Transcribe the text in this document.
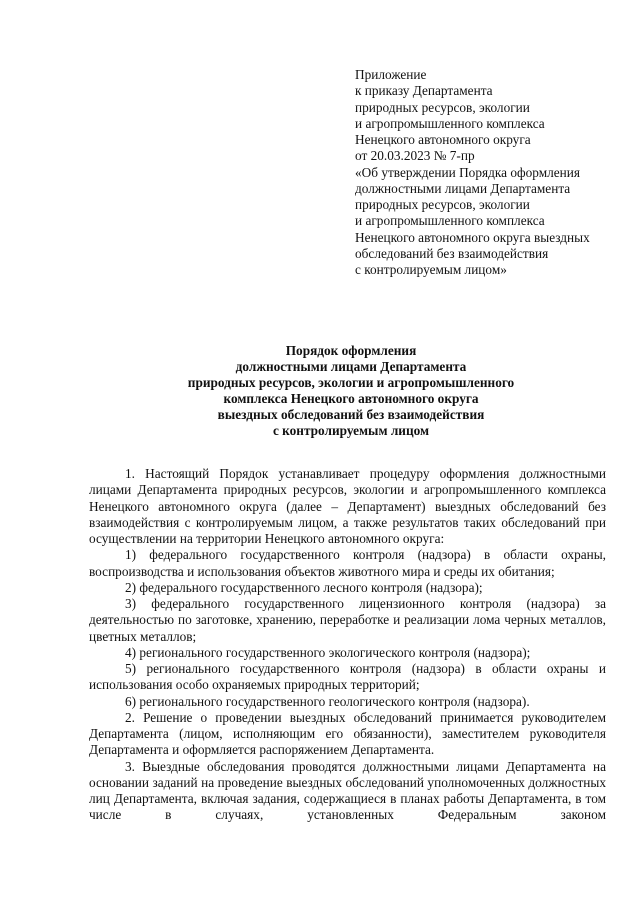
Приложение
к приказу Департамента
природных ресурсов, экологии
и агропромышленного комплекса
Ненецкого автономного округа
от 20.03.2023 № 7-пр
«Об утверждении Порядка оформления
должностными лицами Департамента
природных ресурсов, экологии
и агропромышленного комплекса
Ненецкого автономного округа выездных
обследований без взаимодействия
с контролируемым лицом»
Порядок оформления
должностными лицами Департамента
природных ресурсов, экологии и агропромышленного
комплекса Ненецкого автономного округа
выездных обследований без взаимодействия
с контролируемым лицом

1. Настоящий Порядок устанавливает процедуру оформления должностными лицами Департамента природных ресурсов, экологии и агропромышленного комплекса Ненецкого автономного округа (далее – Департамент) выездных обследований без взаимодействия с контролируемым лицом, а также результатов таких обследований при осуществлении на территории Ненецкого автономного округа:

1) федерального государственного контроля (надзора) в области охраны, воспроизводства и использования объектов животного мира и среды их обитания;

2) федерального государственного лесного контроля (надзора);

3) федерального государственного лицензионного контроля (надзора) за деятельностью по заготовке, хранению, переработке и реализации лома черных металлов, цветных металлов;

4) регионального государственного экологического контроля (надзора);

5) регионального государственного контроля (надзора) в области охраны и использования особо охраняемых природных территорий;

6) регионального государственного геологического контроля (надзора).

2. Решение о проведении выездных обследований принимается руководителем Департамента (лицом, исполняющим его обязанности), заместителем руководителя Департамента и оформляется распоряжением Департамента.

3. Выездные обследования проводятся должностными лицами Департамента на основании заданий на проведение выездных обследований уполномоченных должностных лиц Департамента, включая задания, содержащиеся в планах работы Департамента, в том числе в случаях, установленных Федеральным законом
